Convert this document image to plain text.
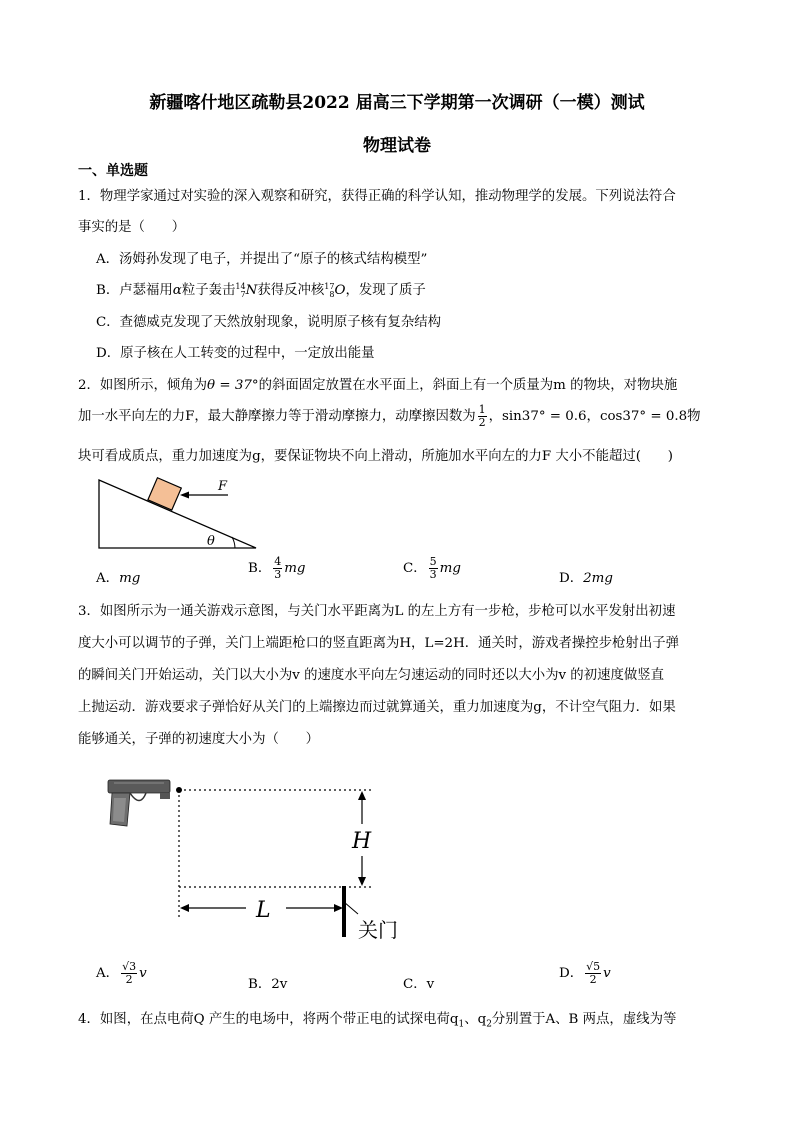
新疆喀什地区疏勒县2022 届高三下学期第一次调研（一模）测试
物理试卷
一、单选题
1．物理学家通过对实验的深入观察和研究，获得正确的科学认知，推动物理学的发展。下列说法符合
事实的是（　　）
A．汤姆孙发现了电子，并提出了“原子的核式结构模型”
B．卢瑟福用α粒子轰击 14
7 N获得反冲核 17
8 O，发现了质子
C．查德威克发现了天然放射现象，说明原子核有复杂结构
D．原子核在人工转变的过程中，一定放出能量
2．如图所示，倾角为θ = 37°的斜面固定放置在水平面上，斜面上有一个质量为m 的物块，对物块施
加一水平向左的力F，最大静摩擦力等于滑动摩擦力，动摩擦因数为 $\frac{1}{2}$ ，sin37° = 0.6，cos37° = 0.8物
块可看成质点，重力加速度为g，要保证物块不向上滑动，所施加水平向左的力F 大小不能超过(　　)
F
θ
A．mg
B． $\frac{4}{3}$ mg	C． $\frac{5}{3}$ mg
D．2mg
3．如图所示为一通关游戏示意图，与关门水平距离为L 的左上方有一步枪，步枪可以水平发射出初速
度大小可以调节的子弹，关门上端距枪口的竖直距离为H，L=2H．通关时，游戏者操控步枪射出子弹
的瞬间关门开始运动，关门以大小为v 的速度水平向左匀速运动的同时还以大小为v 的初速度做竖直
上抛运动．游戏要求子弹恰好从关门的上端擦边而过就算通关，重力加速度为g，不计空气阻力．如果
能够通关，子弹的初速度大小为（　　）
H
L
关门
A． $\frac{√3}{2}$ v
B．2v	C．v
D． $\frac{√5}{2}$ v
4．如图，在点电荷Q 产生的电场中，将两个带正电的试探电荷$q_1$、$q_2$分别置于A、B 两点，虚线为等
